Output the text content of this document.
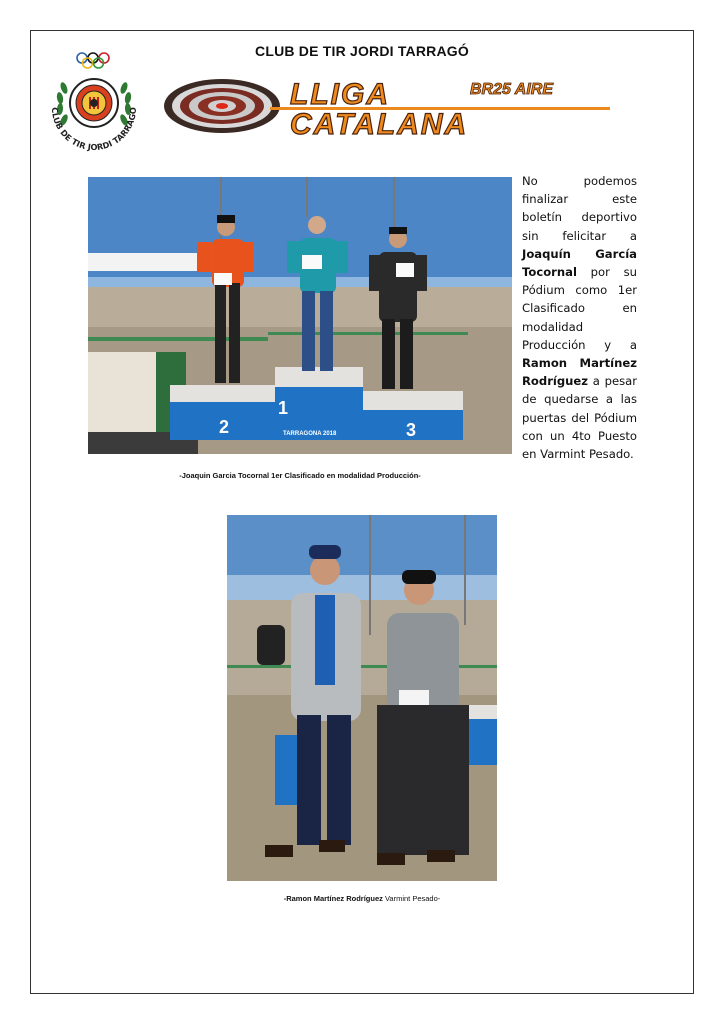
CLUB DE TIR JORDI TARRAGÓ
CLUB DE TIR JORDI TARRAGO	LLIGA	BR25 AIRE
CATALANA
2
1
3
TARRAGONA 2018
No podemos finalizar este boletín deportivo sin felicitar a Joaquín García Tocornal por su Pódium como 1er Clasificado en modalidad Producción y a Ramon Martínez Rodríguez a pesar de quedarse a las puertas del Pódium con un 4to Puesto en Varmint Pesado.
-Joaquin Garcia Tocornal 1er Clasificado en modalidad Producción-
-Ramon Martínez Rodríguez Varmint Pesado-
